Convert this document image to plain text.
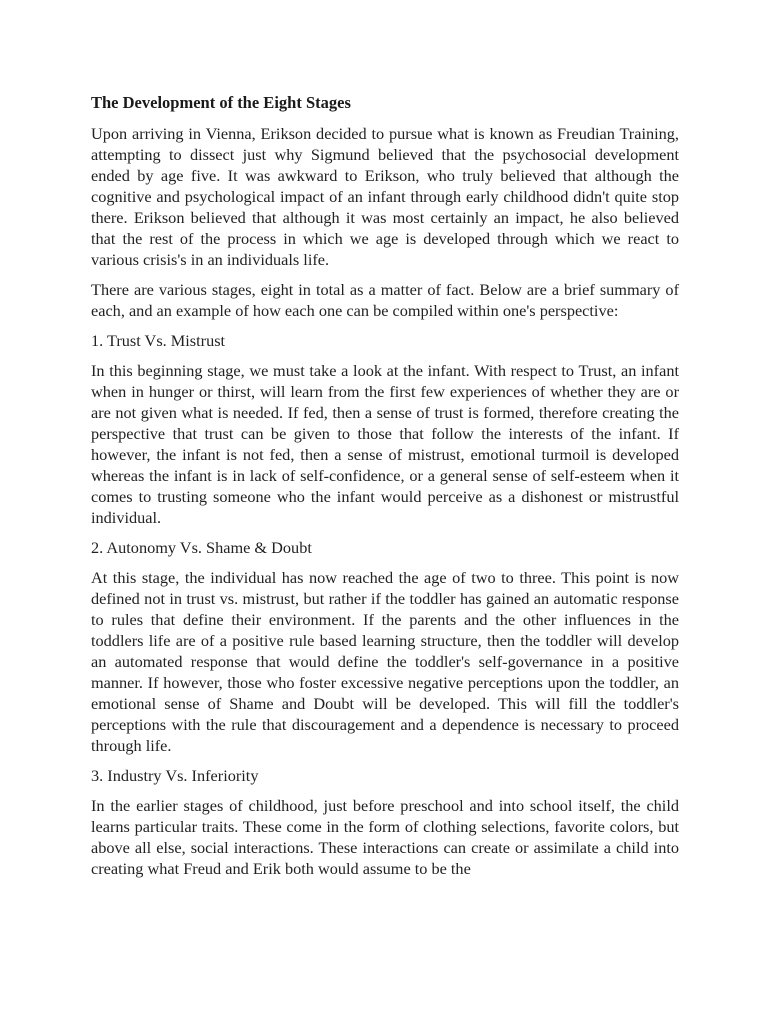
The Development of the Eight Stages

Upon arriving in Vienna, Erikson decided to pursue what is known as Freudian Training, attempting to dissect just why Sigmund believed that the psychosocial development ended by age five. It was awkward to Erikson, who truly believed that although the cognitive and psychological impact of an infant through early childhood didn't quite stop there. Erikson believed that although it was most certainly an impact, he also believed that the rest of the process in which we age is developed through which we react to various crisis's in an individuals life.

There are various stages, eight in total as a matter of fact. Below are a brief summary of each, and an example of how each one can be compiled within one's perspective:

1. Trust Vs. Mistrust

In this beginning stage, we must take a look at the infant. With respect to Trust, an infant when in hunger or thirst, will learn from the first few experiences of whether they are or are not given what is needed. If fed, then a sense of trust is formed, therefore creating the perspective that trust can be given to those that follow the interests of the infant. If however, the infant is not fed, then a sense of mistrust, emotional turmoil is developed whereas the infant is in lack of self-confidence, or a general sense of self-esteem when it comes to trusting someone who the infant would perceive as a dishonest or mistrustful individual.

2. Autonomy Vs. Shame & Doubt

At this stage, the individual has now reached the age of two to three. This point is now defined not in trust vs. mistrust, but rather if the toddler has gained an automatic response to rules that define their environment. If the parents and the other influences in the toddlers life are of a positive rule based learning structure, then the toddler will develop an automated response that would define the toddler's self-governance in a positive manner. If however, those who foster excessive negative perceptions upon the toddler, an emotional sense of Shame and Doubt will be developed. This will fill the toddler's perceptions with the rule that discouragement and a dependence is necessary to proceed through life.

3. Industry Vs. Inferiority

In the earlier stages of childhood, just before preschool and into school itself, the child learns particular traits. These come in the form of clothing selections, favorite colors, but above all else, social interactions. These interactions can create or assimilate a child into creating what Freud and Erik both would assume to be the
